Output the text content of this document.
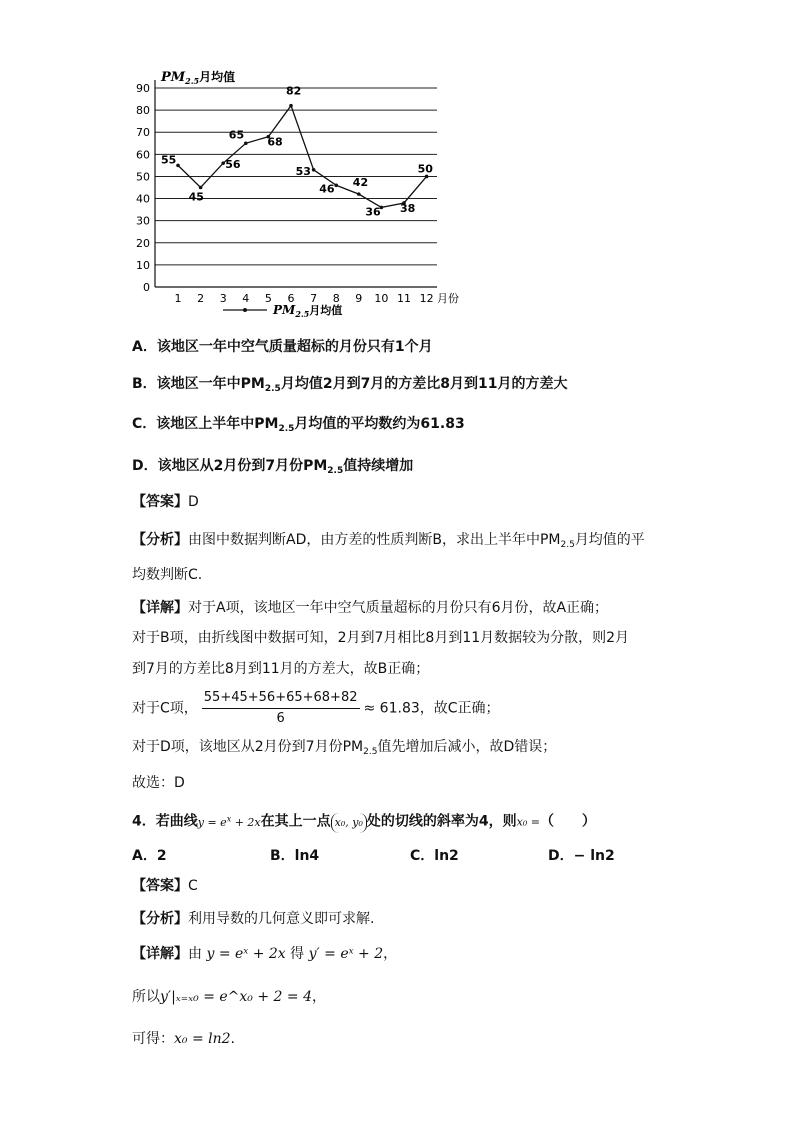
0
10
20
30
40
50
60
70
80
90
1 2 3 4 5 6 7 8 9 10 11 12
55
45
56
65
68
82
53
46 42
36 38
50
$PM_{2.5}$月均值
月份
$PM_{2.5}$月均值
A．该地区一年中空气质量超标的月份只有1个月
B．该地区一年中$PM_{2.5}$月均值2月到7月的方差比8月到11月的方差大
C．该地区上半年中$PM_{2.5}$月均值的平均数约为61.83
D．该地区从2月份到7月份$PM_{2.5}$值持续增加
【答案】D
【分析】由图中数据判断AD，由方差的性质判断B，求出上半年中$PM_{2.5}$月均值的平
均数判断C.
【详解】对于A项，该地区一年中空气质量超标的月份只有6月份，故A正确；
对于B项，由折线图中数据可知，2月到7月相比8月到11月数据较为分散，则2月
到7月的方差比8月到11月的方差大，故B正确；
对于C项， $\frac{55+45+56+65+68+82}{6} \approx 61.83$，故C正确；
对于D项，该地区从2月份到7月份$PM_{2.5}$值先增加后减小，故D错误；
故选：D
4．若曲线$y = e^x + 2x$在其上一点 x₀, y₀ 处的切线的斜率为4，则x₀ =（　　）
A．2	B．ln4	C．ln2	D．− ln2
【答案】C
【分析】利用导数的几何意义即可求解.
【详解】由 y = eˣ + 2x 得 y′ = eˣ + 2，
所以y′|ₓ₌ₓ₀ = e^x₀ + 2 = 4，
可得：x₀ = ln2.
